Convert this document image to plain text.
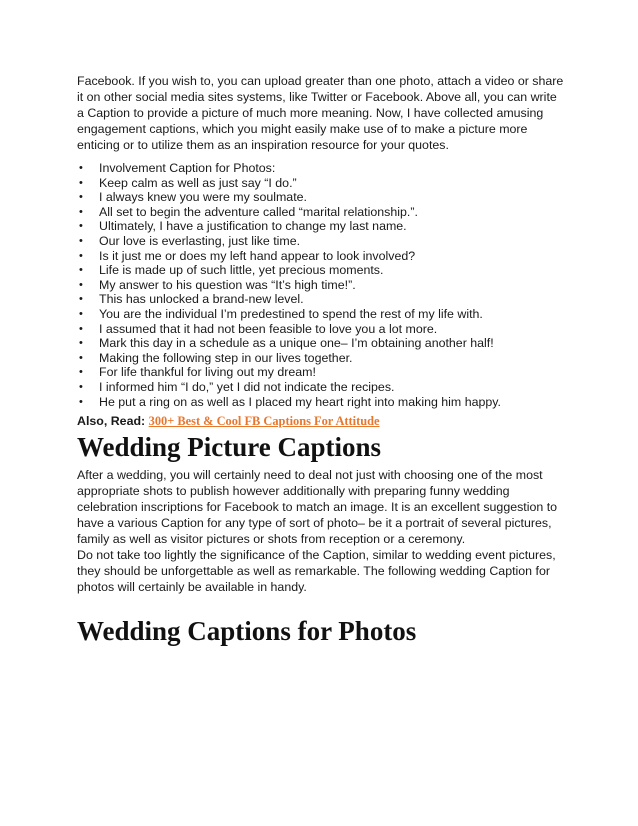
Facebook. If you wish to, you can upload greater than one photo, attach a video or share it on other social media sites systems, like Twitter or Facebook. Above all, you can write a Caption to provide a picture of much more meaning. Now, I have collected amusing engagement captions, which you might easily make use of to make a picture more enticing or to utilize them as an inspiration resource for your quotes.

• Involvement Caption for Photos:
• Keep calm as well as just say “I do.”
• I always knew you were my soulmate.
• All set to begin the adventure called “marital relationship.”.
• Ultimately, I have a justification to change my last name.
• Our love is everlasting, just like time.
• Is it just me or does my left hand appear to look involved?
• Life is made up of such little, yet precious moments.
• My answer to his question was “It’s high time!”.
• This has unlocked a brand-new level.
• You are the individual I’m predestined to spend the rest of my life with.
• I assumed that it had not been feasible to love you a lot more.
• Mark this day in a schedule as a unique one– I’m obtaining another half!
• Making the following step in our lives together.
• For life thankful for living out my dream!
• I informed him “I do,” yet I did not indicate the recipes.
• He put a ring on as well as I placed my heart right into making him happy.

Also, Read: 300+ Best & Cool FB Captions For Attitude

Wedding Picture Captions

After a wedding, you will certainly need to deal not just with choosing one of the most appropriate shots to publish however additionally with preparing funny wedding celebration inscriptions for Facebook to match an image. It is an excellent suggestion to have a various Caption for any type of sort of photo– be it a portrait of several pictures, family as well as visitor pictures or shots from reception or a ceremony.

Do not take too lightly the significance of the Caption, similar to wedding event pictures, they should be unforgettable as well as remarkable. The following wedding Caption for photos will certainly be available in handy.

Wedding Captions for Photos
